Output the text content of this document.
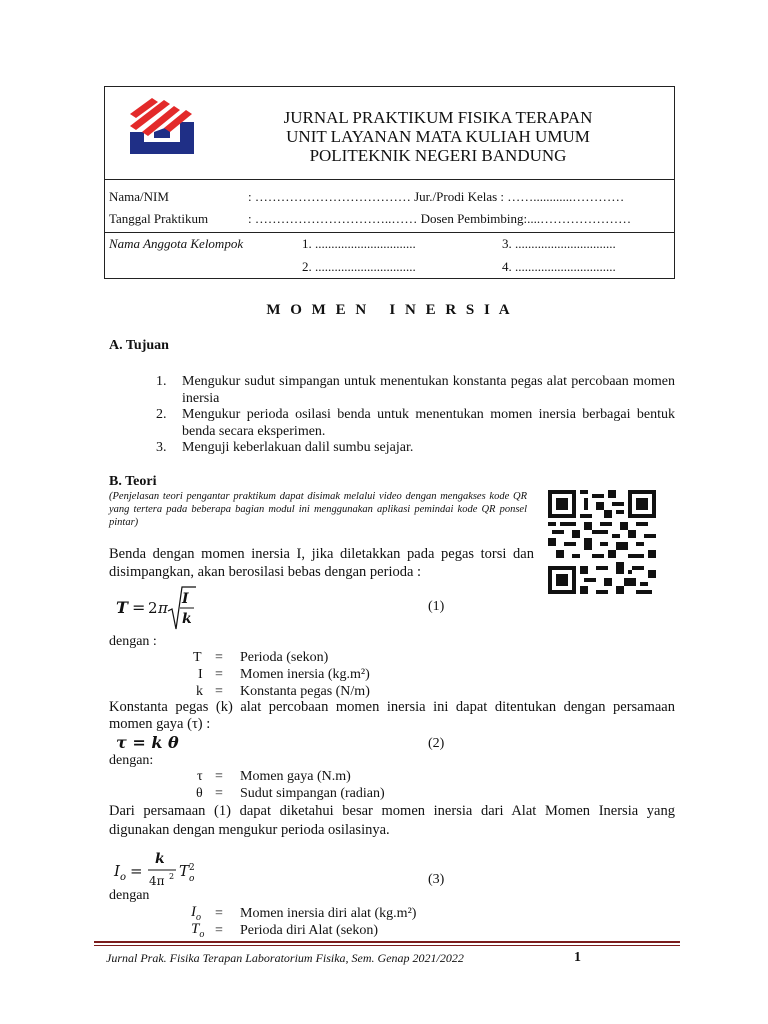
JURNAL PRAKTIKUM FISIKA TERAPAN
UNIT LAYANAN MATA KULIAH UMUM
POLITEKNIK NEGERI BANDUNG
Nama/NIM	: ……………………………… Jur./Prodi Kelas : ……............…………
Tanggal Praktikum	: …………………………..…… Dosen Pembimbing:....…………………
Nama Anggota Kelompok	1. ...............................	3. ...............................
2. ...............................	4. ...............................
M O M E N   I N E R S I A
A. Tujuan
1. Mengukur sudut simpangan untuk menentukan konstanta pegas alat percobaan momen inersia
2. Mengukur perioda osilasi benda untuk menentukan momen inersia berbagai bentuk benda secara eksperimen.
3. Menguji keberlakuan dalil sumbu sejajar.
B. Teori
(Penjelasan teori pengantar praktikum dapat disimak melalui video dengan mengakses kode QR yang tertera pada beberapa bagian modul ini menggunakan aplikasi pemindai kode QR ponsel pintar)
Benda dengan momen inersia I, jika diletakkan pada pegas torsi dan disimpangkan, akan berosilasi bebas dengan perioda :
T = 2 π I
k
(1)
dengan :
T = Perioda (sekon)
I = Momen inersia (kg.m²)
k = Konstanta pegas (N/m)
Konstanta pegas (k) alat percobaan momen inersia ini dapat ditentukan dengan persamaan momen gaya (τ) :
τ = k θ	(2)
dengan:
τ = Momen gaya (N.m)
θ = Sudut simpangan (radian)
Dari persamaan (1) dapat diketahui besar momen inersia dari Alat Momen Inersia yang digunakan dengan mengukur perioda osilasinya.
I o =
k
4π 2 T 2
o	(3)
dengan
$I_o$ = Momen inersia diri alat (kg.m²)
$T_o$ = Perioda diri Alat (sekon)
Jurnal Prak. Fisika Terapan Laboratorium Fisika, Sem. Genap 2021/2022	1
